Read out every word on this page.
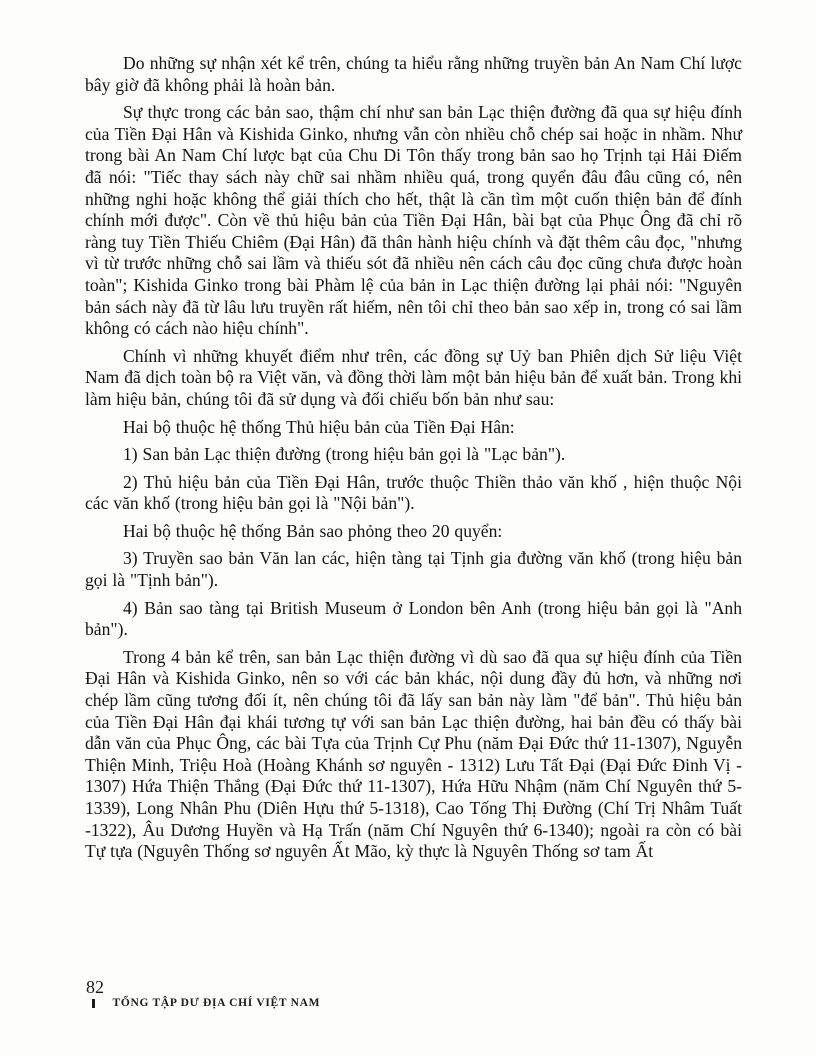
Do những sự nhận xét kể trên, chúng ta hiểu rằng những truyền bản An Nam Chí lược bây giờ đã không phải là hoàn bản.

Sự thực trong các bản sao, thậm chí như san bản Lạc thiện đường đã qua sự hiệu đính của Tiền Đại Hân và Kishida Ginko, nhưng vẫn còn nhiều chỗ chép sai hoặc in nhầm. Như trong bài An Nam Chí lược bạt của Chu Di Tôn thấy trong bản sao họ Trịnh tại Hải Điếm đã nói: "Tiếc thay sách này chữ sai nhầm nhiều quá, trong quyển đâu đâu cũng có, nên những nghi hoặc không thể giải thích cho hết, thật là cần tìm một cuốn thiện bản để đính chính mới được". Còn về thủ hiệu bản của Tiền Đại Hân, bài bạt của Phục Ông đã chỉ rõ ràng tuy Tiền Thiếu Chiêm (Đại Hân) đã thân hành hiệu chính và đặt thêm câu đọc, "nhưng vì từ trước những chỗ sai lầm và thiếu sót đã nhiều nên cách câu đọc cũng chưa được hoàn toàn"; Kishida Ginko trong bài Phàm lệ của bản in Lạc thiện đường lại phải nói: "Nguyên bản sách này đã từ lâu lưu truyền rất hiếm, nên tôi chỉ theo bản sao xếp in, trong có sai lầm không có cách nào hiệu chính".

Chính vì những khuyết điểm như trên, các đồng sự Uỷ ban Phiên dịch Sử liệu Việt Nam đã dịch toàn bộ ra Việt văn, và đồng thời làm một bản hiệu bản để xuất bản. Trong khi làm hiệu bản, chúng tôi đã sử dụng và đối chiếu bốn bản như sau:

Hai bộ thuộc hệ thống Thủ hiệu bản của Tiền Đại Hân:

1) San bản Lạc thiện đường (trong hiệu bản gọi là "Lạc bản").

2) Thủ hiệu bản của Tiền Đại Hân, trước thuộc Thiền thảo văn khố , hiện thuộc Nội các văn khố (trong hiệu bản gọi là "Nội bản").

Hai bộ thuộc hệ thống Bản sao phỏng theo 20 quyển:

3) Truyền sao bản Văn lan các, hiện tàng tại Tịnh gia đường văn khố (trong hiệu bản gọi là "Tịnh bản").

4) Bản sao tàng tại British Museum ở London bên Anh (trong hiệu bản gọi là "Anh bản").

Trong 4 bản kể trên, san bản Lạc thiện đường vì dù sao đã qua sự hiệu đính của Tiền Đại Hân và Kishida Ginko, nên so với các bản khác, nội dung đầy đủ hơn, và những nơi chép lầm cũng tương đối ít, nên chúng tôi đã lấy san bản này làm "để bản". Thủ hiệu bản của Tiền Đại Hân đại khái tương tự với san bản Lạc thiện đường, hai bản đều có thấy bài dẫn văn của Phục Ông, các bài Tựa của Trịnh Cự Phu (năm Đại Đức thứ 11-1307), Nguyễn Thiện Minh, Triệu Hoà (Hoàng Khánh sơ nguyên - 1312) Lưu Tất Đại (Đại Đức Đinh Vị - 1307) Hứa Thiện Thắng (Đại Đức thứ 11-1307), Hứa Hữu Nhậm (năm Chí Nguyên thứ 5-1339), Long Nhân Phu (Diên Hựu thứ 5-1318), Cao Tống Thị Đường (Chí Trị Nhâm Tuất -1322), Âu Dương Huyền và Hạ Trấn (năm Chí Nguyên thứ 6-1340); ngoài ra còn có bài Tự tựa (Nguyên Thống sơ nguyên Ất Mão, kỳ thực là Nguyên Thống sơ tam Ất

82
TỔNG TẬP DƯ ĐỊA CHÍ VIỆT NAM
